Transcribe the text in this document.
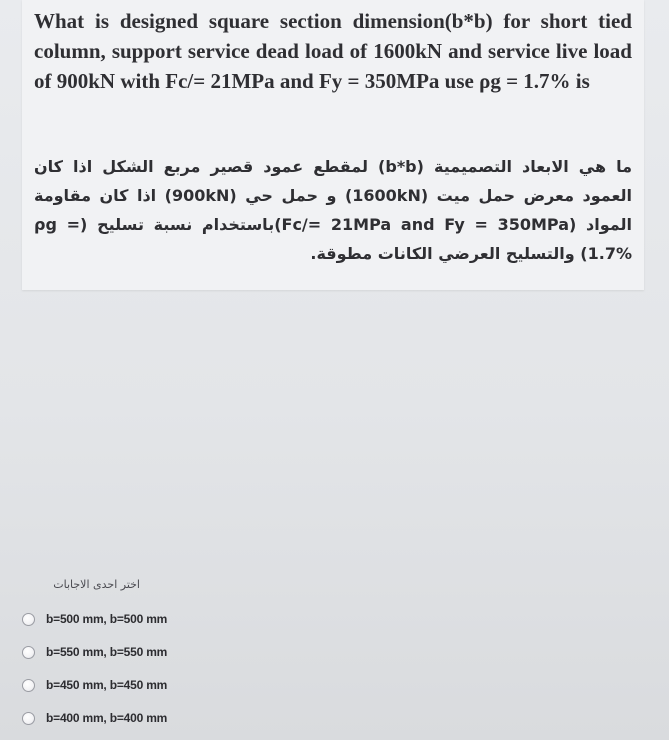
What is designed square section dimension(b*b) for short tied column, support service dead load of 1600kN and service live load of 900kN with Fc/= 21MPa and Fy = 350MPa use ρg = 1.7% is

ما هي الابعاد التصميمية (b*b) لمقطع عمود قصير مربع الشكل اذا كان العمود معرض حمل ميت (1600kN) و حمل حي (900kN) اذا كان مقاومة المواد (Fc/= 21MPa and Fy = 350MPa)باستخدام نسبة تسليح (ρg = 1.7%) والتسليح العرضي الكانات مطوقة.

اختر احدى الاجابات
b=500 mm, b=500 mm
b=550 mm, b=550 mm
b=450 mm, b=450 mm
b=400 mm, b=400 mm
